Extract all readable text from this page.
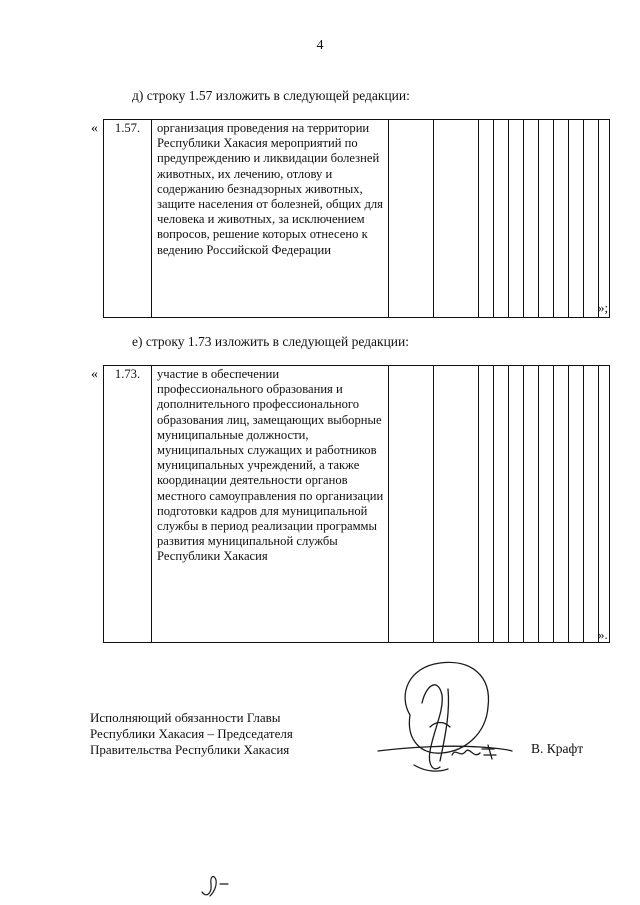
4
д) строку 1.57 изложить в следующей редакции:
« 1.57.	организация проведения на территории Республики Хакасия мероприятий по предупреждению и ликвидации болезней животных, их лечению, отлову и содержанию безнадзорных животных, защите населения от болезней, общих для человека и животных, за исключением вопросов, решение которых отнесено к ведению Российской Федерации											
»;
е) строку 1.73 изложить в следующей редакции:
« 1.73.	участие в обеспечении профессионального образования и дополнительного профессионального образования лиц, замещающих выборные муниципальные должности, муниципальных служащих и работников муниципальных учреждений, а также координации деятельности органов местного самоуправления по организации подготовки кадров для муниципальной службы в период реализации программы развития муниципальной службы Республики Хакасия											
».
Исполняющий обязанности Главы
Республики Хакасия – Председателя
Правительства Республики Хакасия	В. Крафт
